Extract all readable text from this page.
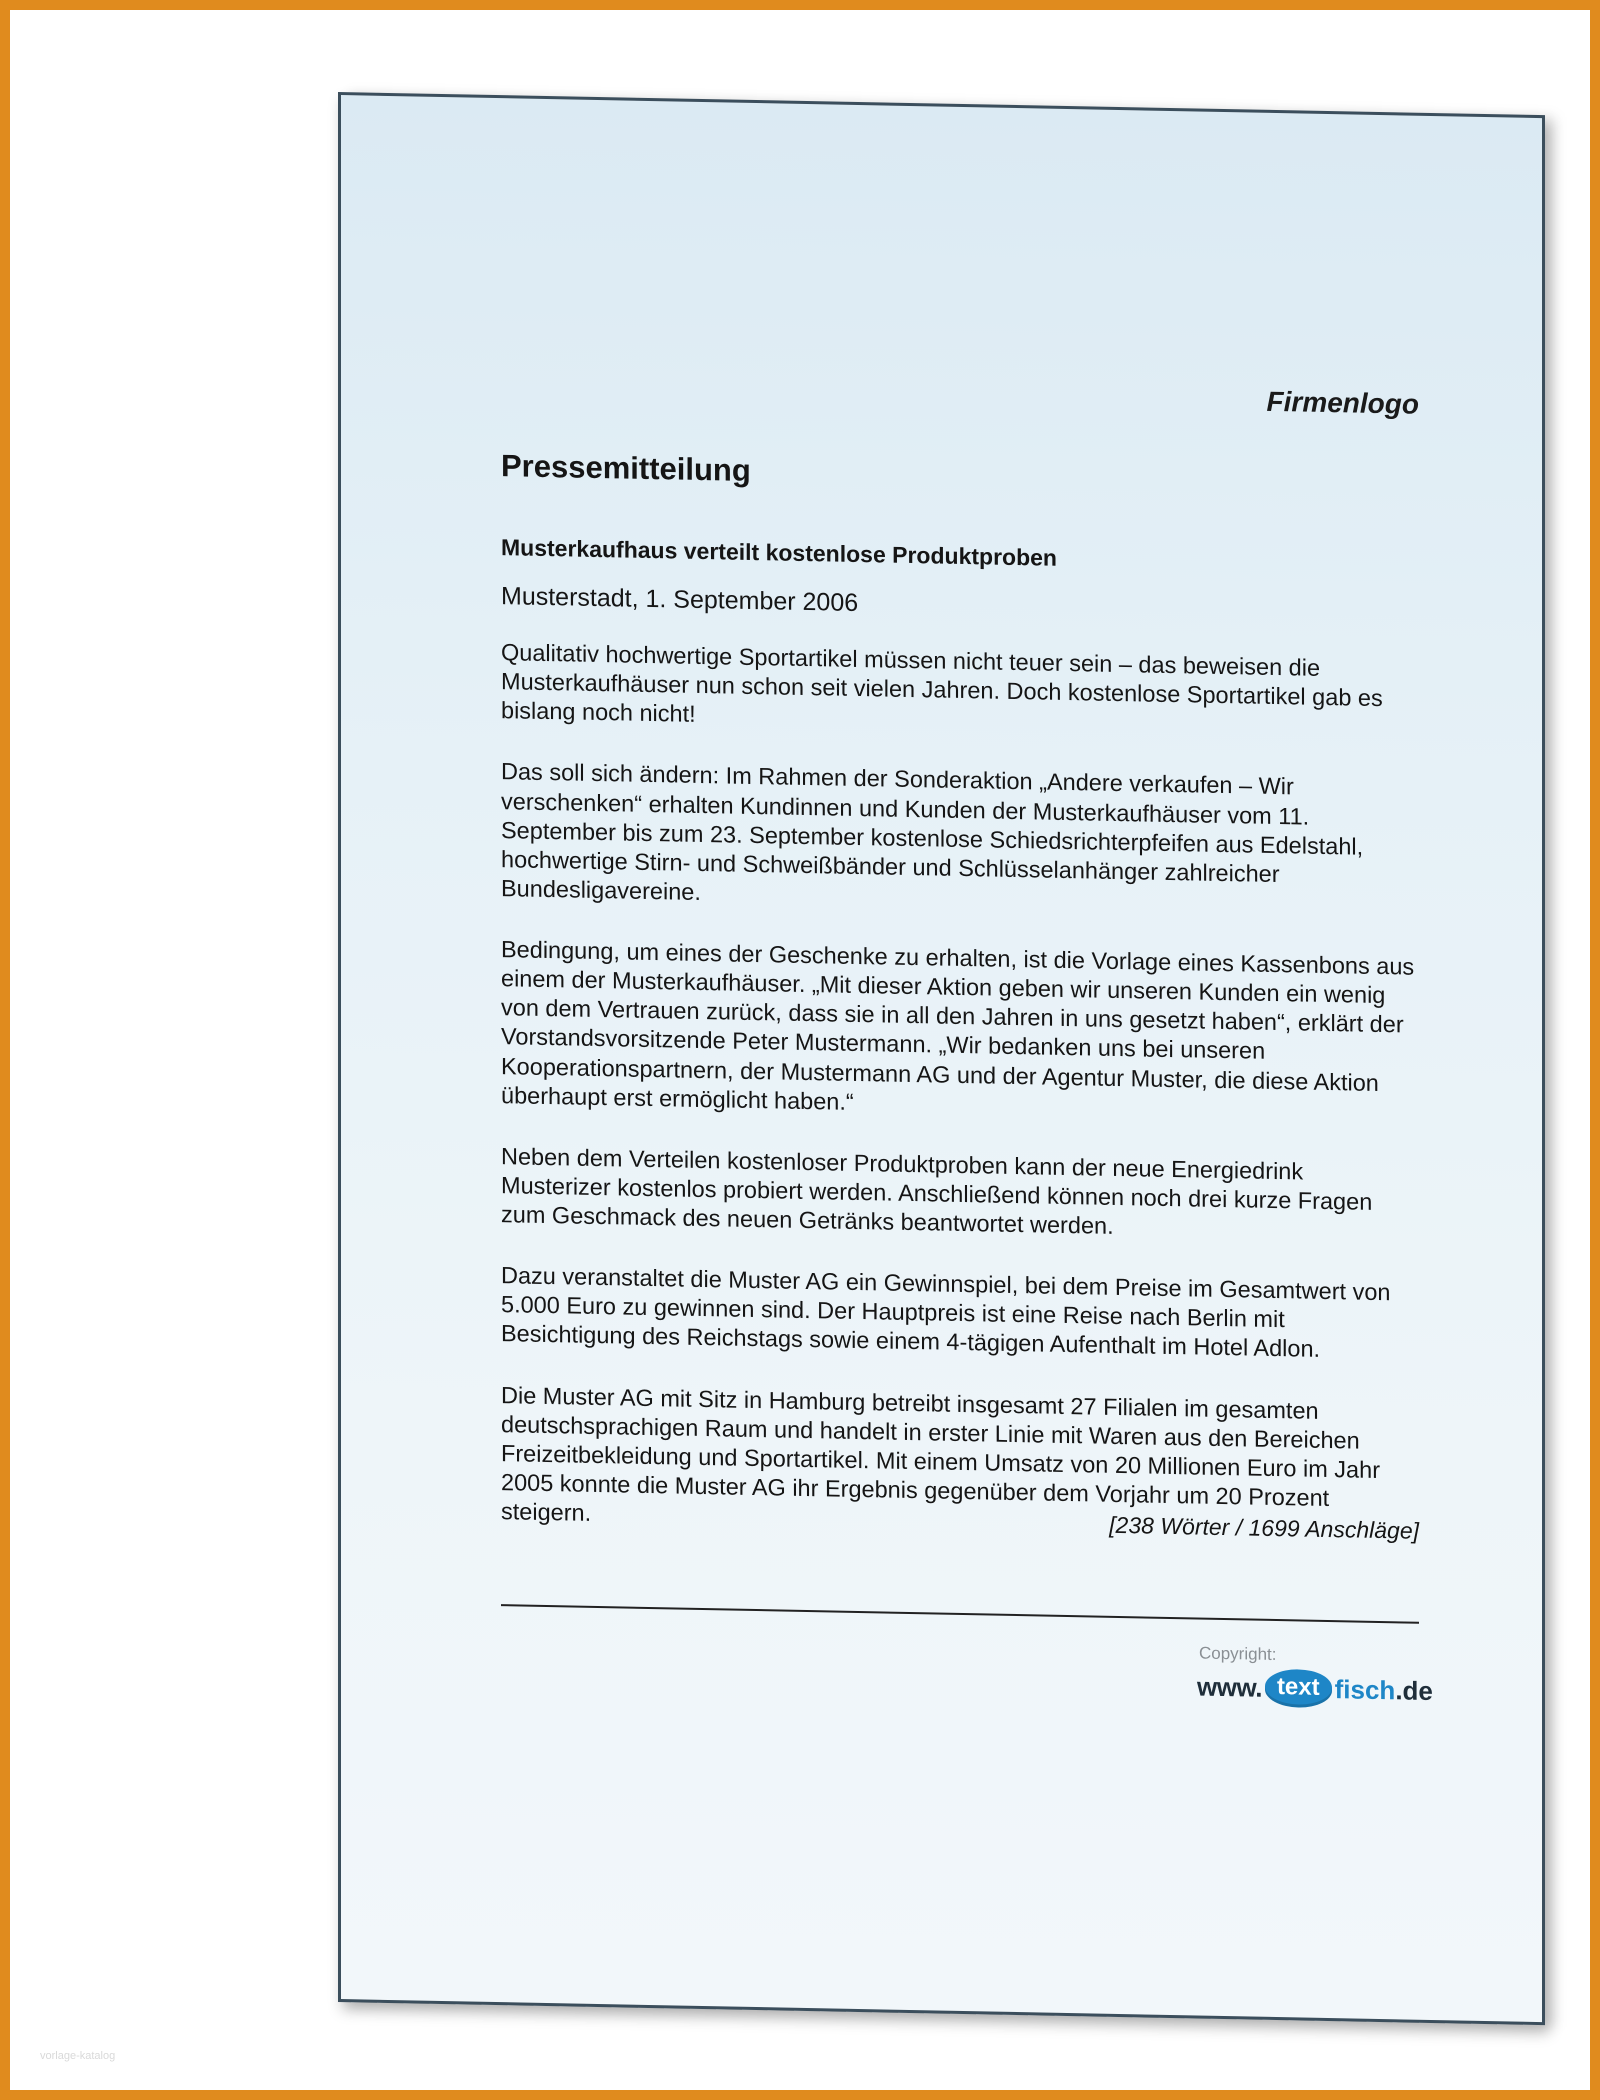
Firmenlogo
Pressemitteilung
Musterkaufhaus verteilt kostenlose Produktproben

Musterstadt, 1. September 2006

Qualitativ hochwertige Sportartikel müssen nicht teuer sein – das beweisen die Musterkaufhäuser nun schon seit vielen Jahren. Doch kostenlose Sportartikel gab es bislang noch nicht!

Das soll sich ändern: Im Rahmen der Sonderaktion „Andere verkaufen – Wir verschenken“ erhalten Kundinnen und Kunden der Musterkaufhäuser vom 11. September bis zum 23. September kostenlose Schiedsrichterpfeifen aus Edelstahl, hochwertige Stirn- und Schweißbänder und Schlüsselanhänger zahlreicher Bundesligavereine.

Bedingung, um eines der Geschenke zu erhalten, ist die Vorlage eines Kassenbons aus einem der Musterkaufhäuser. „Mit dieser Aktion geben wir unseren Kunden ein wenig von dem Vertrauen zurück, dass sie in all den Jahren in uns gesetzt haben“, erklärt der Vorstandsvorsitzende Peter Mustermann. „Wir bedanken uns bei unseren Kooperationspartnern, der Mustermann AG und der Agentur Muster, die diese Aktion überhaupt erst ermöglicht haben.“

Neben dem Verteilen kostenloser Produktproben kann der neue Energiedrink Musterizer kostenlos probiert werden. Anschließend können noch drei kurze Fragen zum Geschmack des neuen Getränks beantwortet werden.

Dazu veranstaltet die Muster AG ein Gewinnspiel, bei dem Preise im Gesamtwert von 5.000 Euro zu gewinnen sind. Der Hauptpreis ist eine Reise nach Berlin mit Besichtigung des Reichstags sowie einem 4-tägigen Aufenthalt im Hotel Adlon.

Die Muster AG mit Sitz in Hamburg betreibt insgesamt 27 Filialen im gesamten deutschsprachigen Raum und handelt in erster Linie mit Waren aus den Bereichen Freizeitbekleidung und Sportartikel. Mit einem Umsatz von 20 Millionen Euro im Jahr 2005 konnte die Muster AG ihr Ergebnis gegenüber dem Vorjahr um 20 Prozent steigern.	[238 Wörter / 1699 Anschläge]
Copyright:
www. text fisch .de
vorlage-katalog
